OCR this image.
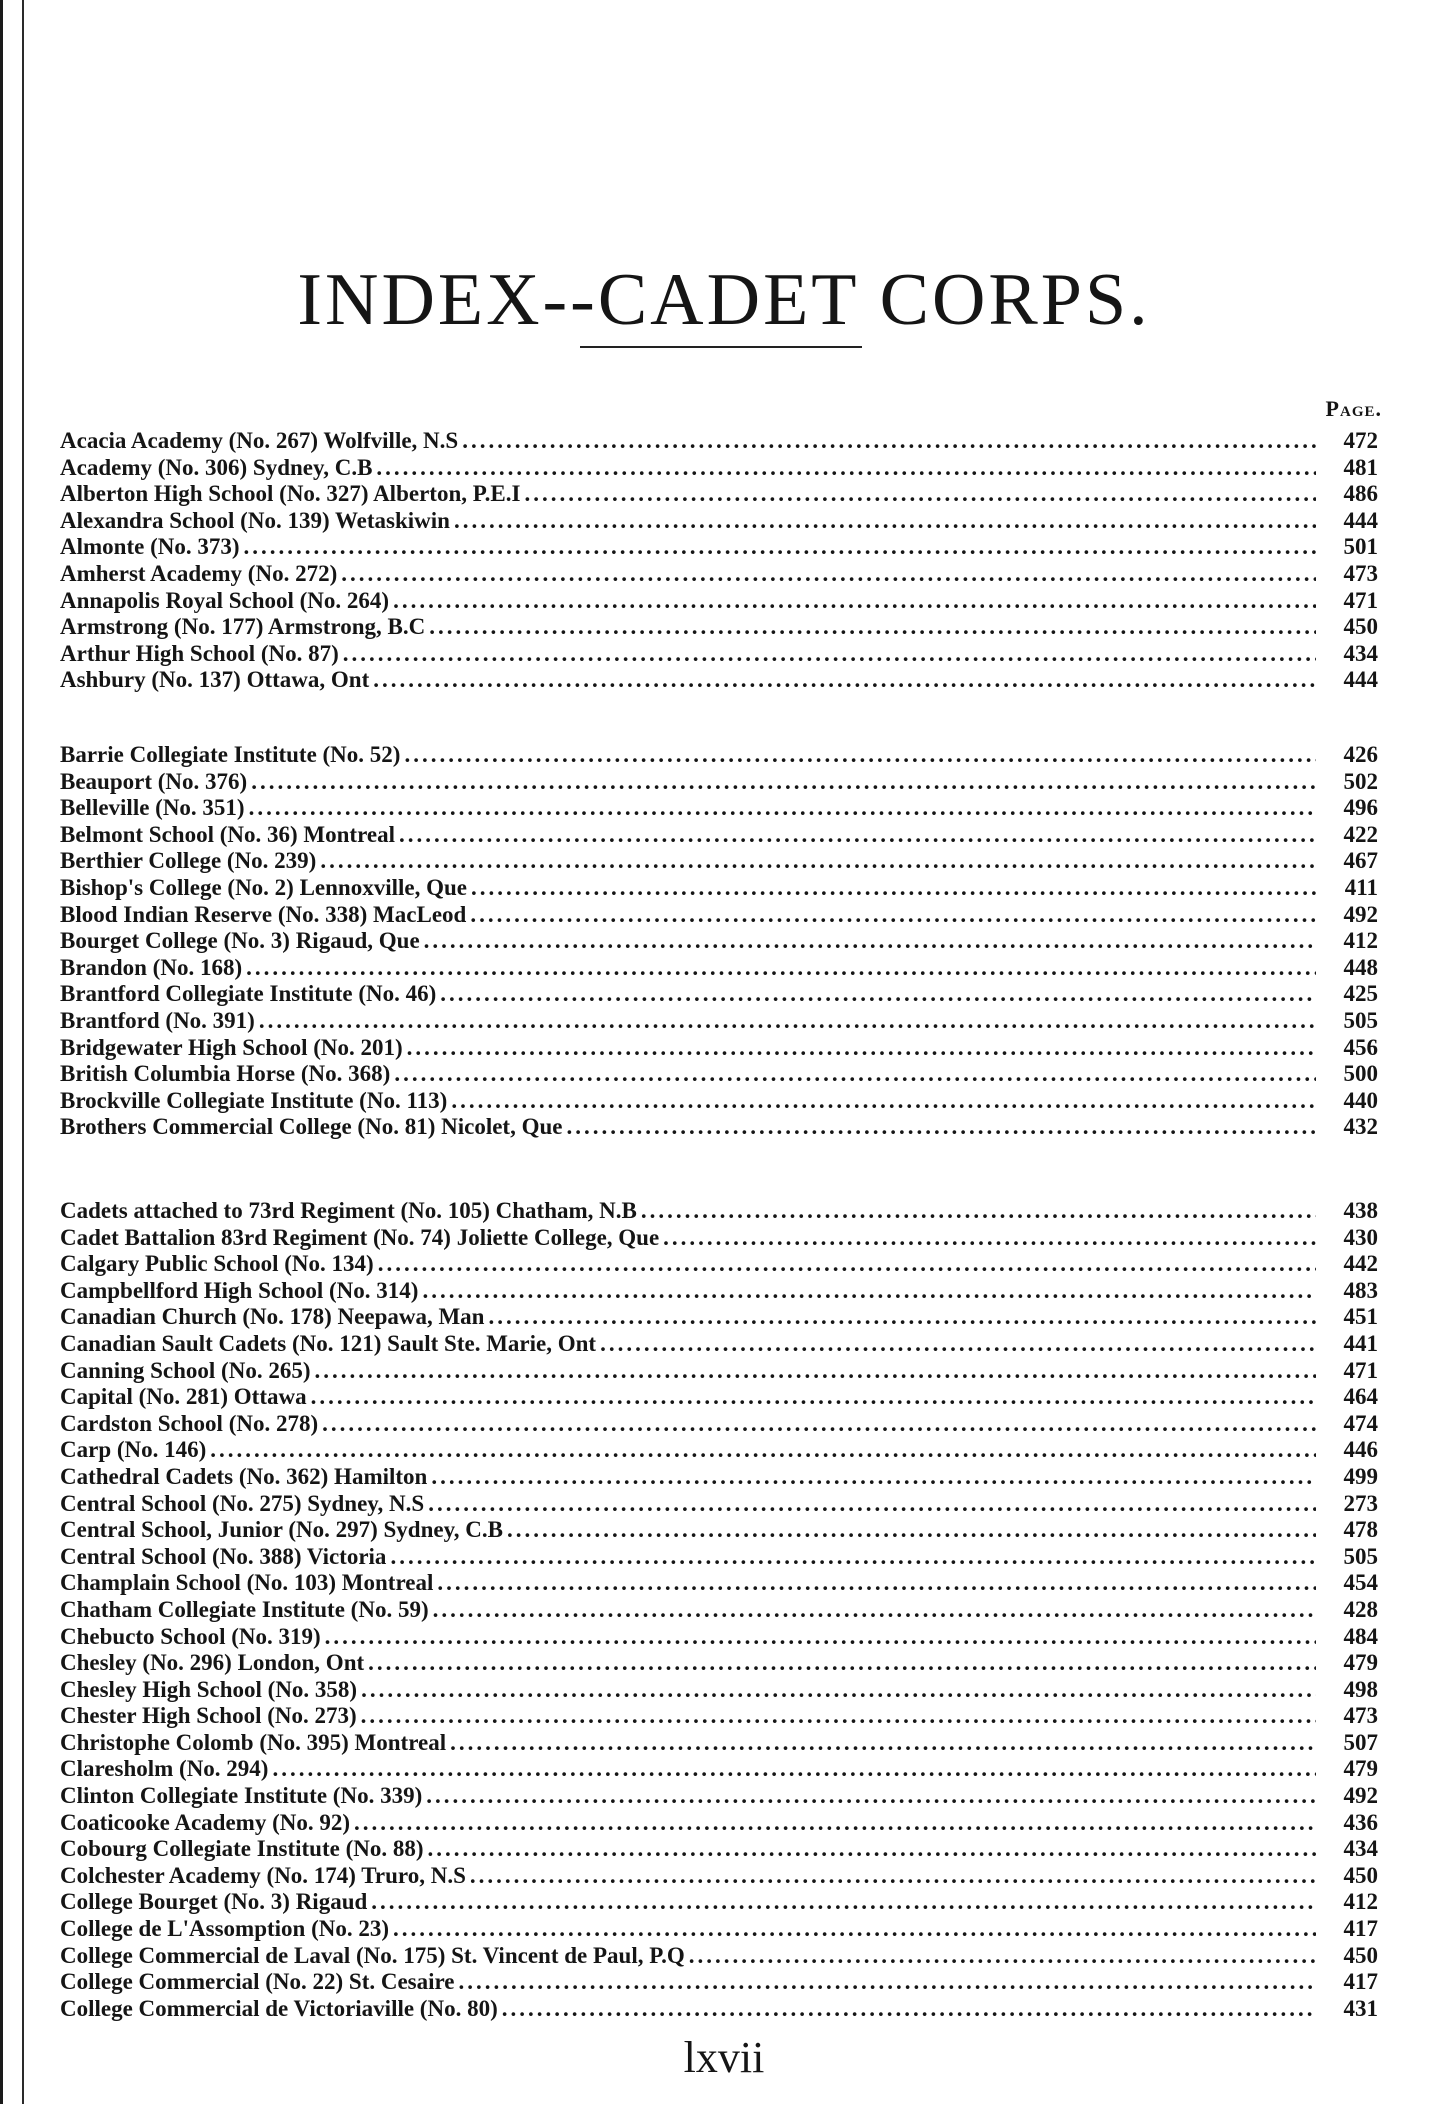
INDEX--CADET CORPS.
Page.
Acacia Academy (No. 267) Wolfville, N.S .....	472
Academy (No. 306) Sydney, C.B .....	481
Alberton High School (No. 327) Alberton, P.E.I .....	486
Alexandra School (No. 139) Wetaskiwin .....	444
Almonte (No. 373) .....	501
Amherst Academy (No. 272) .....	473
Annapolis Royal School (No. 264) .....	471
Armstrong (No. 177) Armstrong, B.C .....	450
Arthur High School (No. 87) .....	434
Ashbury (No. 137) Ottawa, Ont .....	444
Barrie Collegiate Institute (No. 52) .....	426
Beauport (No. 376) .....	502
Belleville (No. 351) .....	496
Belmont School (No. 36) Montreal .....	422
Berthier College (No. 239) .....	467
Bishop's College (No. 2) Lennoxville, Que .....	411
Blood Indian Reserve (No. 338) MacLeod .....	492
Bourget College (No. 3) Rigaud, Que .....	412
Brandon (No. 168) .....	448
Brantford Collegiate Institute (No. 46) .....	425
Brantford (No. 391) .....	505
Bridgewater High School (No. 201) .....	456
British Columbia Horse (No. 368) .....	500
Brockville Collegiate Institute (No. 113) .....	440
Brothers Commercial College (No. 81) Nicolet, Que .....	432
Cadets attached to 73rd Regiment (No. 105) Chatham, N.B .....	438
Cadet Battalion 83rd Regiment (No. 74) Joliette College, Que .....	430
Calgary Public School (No. 134) .....	442
Campbellford High School (No. 314) .....	483
Canadian Church (No. 178) Neepawa, Man .....	451
Canadian Sault Cadets (No. 121) Sault Ste. Marie, Ont .....	441
Canning School (No. 265) .....	471
Capital (No. 281) Ottawa .....	464
Cardston School (No. 278) .....	474
Carp (No. 146) .....	446
Cathedral Cadets (No. 362) Hamilton .....	499
Central School (No. 275) Sydney, N.S .....	273
Central School, Junior (No. 297) Sydney, C.B .....	478
Central School (No. 388) Victoria .....	505
Champlain School (No. 103) Montreal .....	454
Chatham Collegiate Institute (No. 59) .....	428
Chebucto School (No. 319) .....	484
Chesley (No. 296) London, Ont .....	479
Chesley High School (No. 358) .....	498
Chester High School (No. 273) .....	473
Christophe Colomb (No. 395) Montreal .....	507
Claresholm (No. 294) .....	479
Clinton Collegiate Institute (No. 339) .....	492
Coaticooke Academy (No. 92) .....	436
Cobourg Collegiate Institute (No. 88) .....	434
Colchester Academy (No. 174) Truro, N.S .....	450
College Bourget (No. 3) Rigaud .....	412
College de L'Assomption (No. 23) .....	417
College Commercial de Laval (No. 175) St. Vincent de Paul, P.Q .....	450
College Commercial (No. 22) St. Cesaire .....	417
College Commercial de Victoriaville (No. 80) .....	431
lxvii
